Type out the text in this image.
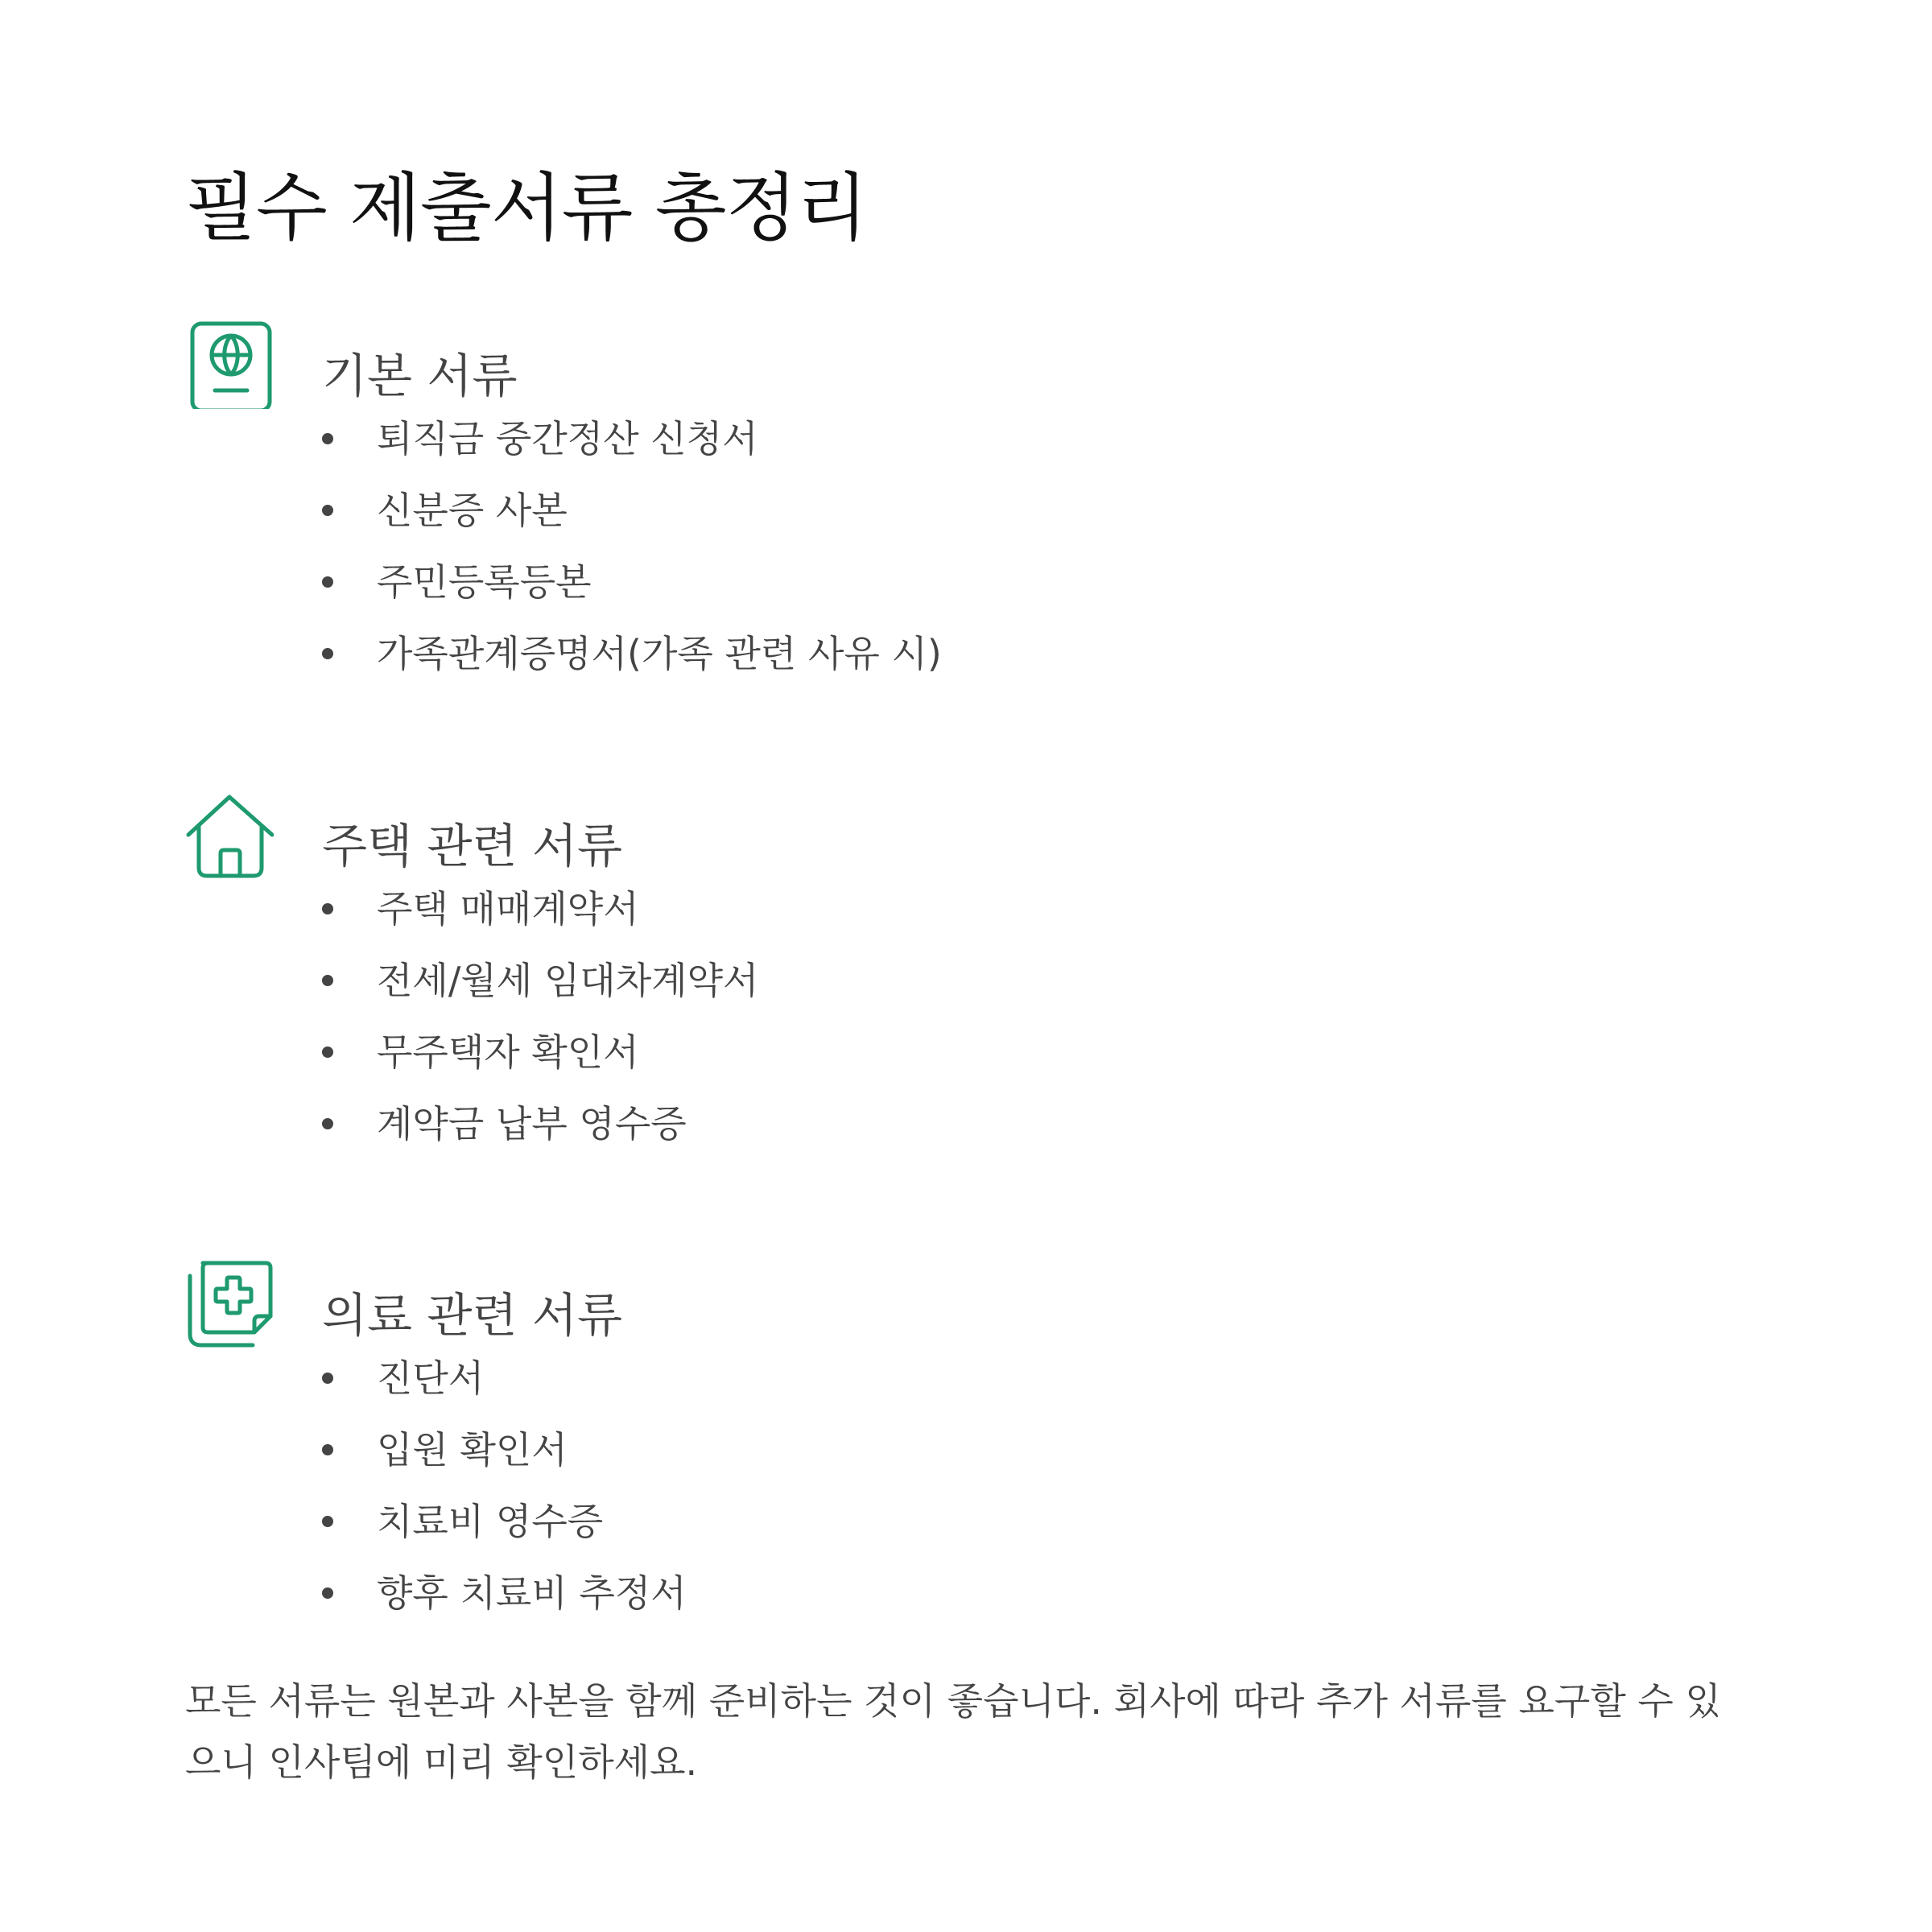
필수 제출서류 총정리
기본 서류
퇴직금 중간정산 신청서
신분증 사본
주민등록등본
가족관계증명서(가족 관련 사유 시)
주택 관련 서류
주택 매매계약서
전세/월세 임대차계약서
무주택자 확인서
계약금 납부 영수증
의료 관련 서류
진단서
입원 확인서
치료비 영수증
향후 치료비 추정서

모든 서류는 원본과 사본을 함께 준비하는 것이 좋습니다. 회사에 따라 추가 서류를 요구할 수 있으니 인사팀에 미리 확인하세요.
